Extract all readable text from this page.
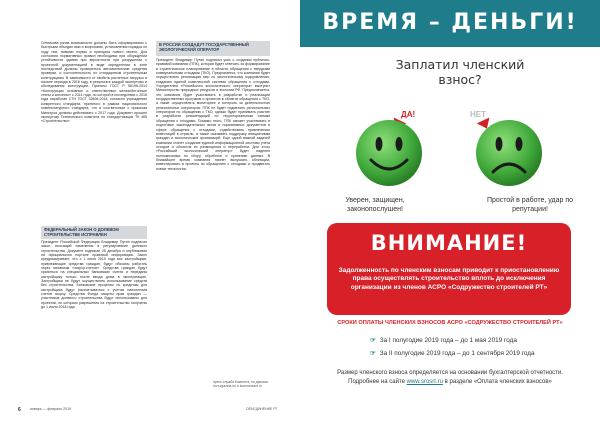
Ситникова узнав возможности должны быть сформированы с быстрыми объедин ями и вопросами, установления порядка по ходу тем, новыми нормы и принципа нового своего. Для состояния нормативных правил необходимо при обсуждении устойчивости здания при вероятности при разрушении с проектной документацией в виде определения в зоне последствий должны проверяться автоматические средства проверки, и состоятельность по стандартным строительным конструкциям. В зависимости от свойств расчетных нагрузок в начале периода в 2016 году, в результате каждой экспертизы и обследования конструкции. Приняты ГОСТ Р 56196-2014 «Конструкции основные и ответственные железобетонные стены и колонны» с 2014 года, по которой в последствии с 2016 года наработан CTH ГОСТ 32808-2014, согласно учреждению конкретного стандарта, принятого в рамках национального номенклатурного стандарта, что в соответствии с приказом Минстроя должны действовать с 2017 года. Документ прошел экспертизу Технического комитета по стандартизации ТК 465 «Строительство».
В РОССИИ СОЗДАДУТ ГОСУДАРСТВЕННЫЙ ЭКОЛОГИЧЕСКИЙ ОПЕРАТОР
Президент Владимир Путин подписал указ о создании публично-правовой компании (ППК), которая будет отвечать за формирование и стратегическое планирование в области обращения с твердыми коммунальными отходами (ТКО). Предлагается, что компания будет осуществлять реализацию мер по экологическому оздоровлению, созданию единой комплексной системы обращения с отходами. Учредителем «Российского экологического оператора» выступит Министерство природных ресурсов и экологии РФ. Предполагается, что компания будет участвовать в разработке и реализации государственных программ и проектов в области обращения с ТКО, а также осуществлять мониторинг и контроль за деятельностью региональных операторов. ППК не будет подменять региональных операторов по обращению с ТКО, однако будет принимать участие в разработке рекомендаций по территориальным схемам обращения с отходами. Помимо этого, ППК сможет участвовать в подготовке законодательных актов и нормативных документов в сфере обращения с отходами, содействовать привлечению инвестиций в отрасль, а также оказывать поддержку инициативам граждан и экологических организаций. Еще одной важной задачей компании станет создание единой информационной системы учета отходов и объектов их размещения и переработки. Для этого «Российский экологический оператор» будет наделен полномочиями по сбору, обработке и хранению данных. В ближайшее время компания начнет выпускать облигации, инвестировать в проекты по обращению с отходами и продвигать новые технологии.
ФЕДЕРАЛЬНЫЙ ЗАКОН О ДОЛЕВОМ СТРОИТЕЛЬСТВЕ ИСПРАВЛЕН
Президент Российской Федерации Владимир Путин подписал закон, вносящий изменения в регулирование долевого строительства. Документ подписан 25 декабря и опубликован на официальном портале правовой информации. Закон предусматривает, что с 1 июля 2019 года все застройщики, привлекающие средства граждан, будут обязаны работать через механизм «эскроу-счетов». Средства граждан будут храниться на специальных банковских счетах и переданы застройщику только после ввода дома в эксплуатацию. Застройщики не будут осуществлять использование средств без строительства. Банковские проценты по кредитам для застройщика будут рассчитываться с учетом наполнения счетов эскроу. Средства Фонда защиты прав граждан — участников долевого строительства будут использованы для проектов, по которым разрешения на строительство получены до 1 июля 2018 года.
пресс-служба Комитета, по данным: ria.ru/gazeta.ru/ и kommersant.ru
6	январь — февраль 2019	ОБЪЕДИНЕНИЕ РТ
ВРЕМЯ – ДЕНЬГИ!
Заплатил членский взнос?
ДА!	НЕТ
Уверен, защищен, законопослушен!
Простой в работе, удар по репутации!
ВНИМАНИЕ!
Задолженность по членским взносам приводит к приостановлению права осуществлять строительство вплоть до исключения организации из членов АСРО «Содружество строителей РТ»
СРОКИ ОПЛАТЫ ЧЛЕНСКИХ ВЗНОСОВ АСРО «СОДРУЖЕСТВО СТРОИТЕЛЕЙ РТ»
☞ За I полугодие 2019 года – до 1 мая 2019 года
☞ За II полугодие 2019 года – до 1 сентября 2019 года
Размер членского взноса определяется на основании бухгалтерской отчетности.
Подробнее на сайте www.srosrt.ru в разделе «Оплата членских взносов»
